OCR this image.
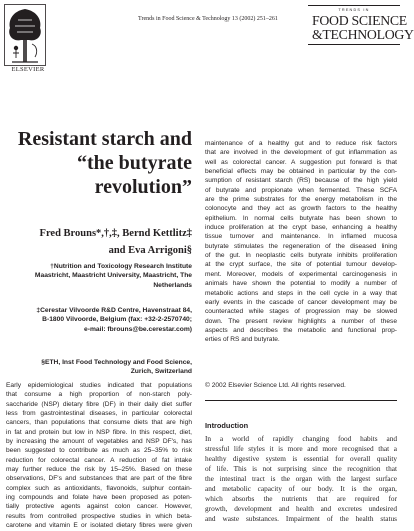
ELSEVIER
Trends in Food Science & Technology 13 (2002) 251–261
TRENDS IN
FOOD SCIENCE
&TECHNOLOGY
Resistant starch and
“the butyrate
revolution”
Fred Brouns*,†,‡, Bernd Kettlitz‡
and Eva Arrigoni§
†Nutrition and Toxicology Research Institute
Maastricht, Maastricht University, Maastricht, The
Netherlands
‡Cerestar Vilvoorde R&D Centre, Havenstraat 84,
B-1800 Vilvoorde, Belgium (fax: +32-2-2570740;
e-mail: fbrouns@be.cerestar.com)
§ETH, Inst Food Technology and Food Science,
Zurich, Switzerland
Early epidemiological studies indicated that populations
that consume a high proportion of non-starch poly-
saccharide (NSP) dietary fibre (DF) in their daily diet suffer
less from gastrointestinal diseases, in particular colorectal
cancers, than populations that consume diets that are high
in fat and protein but low in NSP fibre. In this respect, diet,
by increasing the amount of vegetables and NSP DF's, has
been suggested to contribute as much as 25–35% to risk
reduction for colorectal cancer. A reduction of fat intake
may further reduce the risk by 15–25%. Based on these
observations, DF's and substances that are part of the fibre
complex such as antioxidants, flavonoids, sulphur contain-
ing compounds and folate have been proposed as poten-
tially protective agents against colon cancer. However,
results from controlled prospective studies in which beta-
carotene and vitamin E or isolated dietary fibres were given
maintenance of a healthy gut and to reduce risk factors
that are involved in the development of gut inflammation as
well as colorectal cancer. A suggestion put forward is that
beneficial effects may be obtained in particular by the con-
sumption of resistant starch (RS) because of the high yield
of butyrate and propionate when fermented. These SCFA
are the prime substrates for the energy metabolism in the
colonocyte and they act as growth factors to the healthy
epithelium. In normal cells butyrate has been shown to
induce proliferation at the crypt base, enhancing a healthy
tissue turnover and maintenance. In inflamed mucosa
butyrate stimulates the regeneration of the diseased lining
of the gut. In neoplastic cells butyrate inhibits proliferation
at the crypt surface, the site of potential tumour develop-
ment. Moreover, models of experimental carcinogenesis in
animals have shown the potential to modify a number of
metabolic actions and steps in the cell cycle in a way that
early events in the cascade of cancer development may be
counteracted while stages of progression may be slowed
down. The present review highlights a number of these
aspects and describes the metabolic and functional prop-
erties of RS and butyrate.
© 2002 Elsevier Science Ltd. All rights reserved.
Introduction
In a world of rapidly changing food habits and
stressful life styles it is more and more recognised that a
healthy digestive system is essential for overall quality
of life. This is not surprising since the recognition that
the intestinal tract is the organ with the largest surface
and metabolic capacity of our body. It is the organ,
which absorbs the nutrients that are required for
growth, development and health and excretes undesired
and waste substances. Impairment of the health status
